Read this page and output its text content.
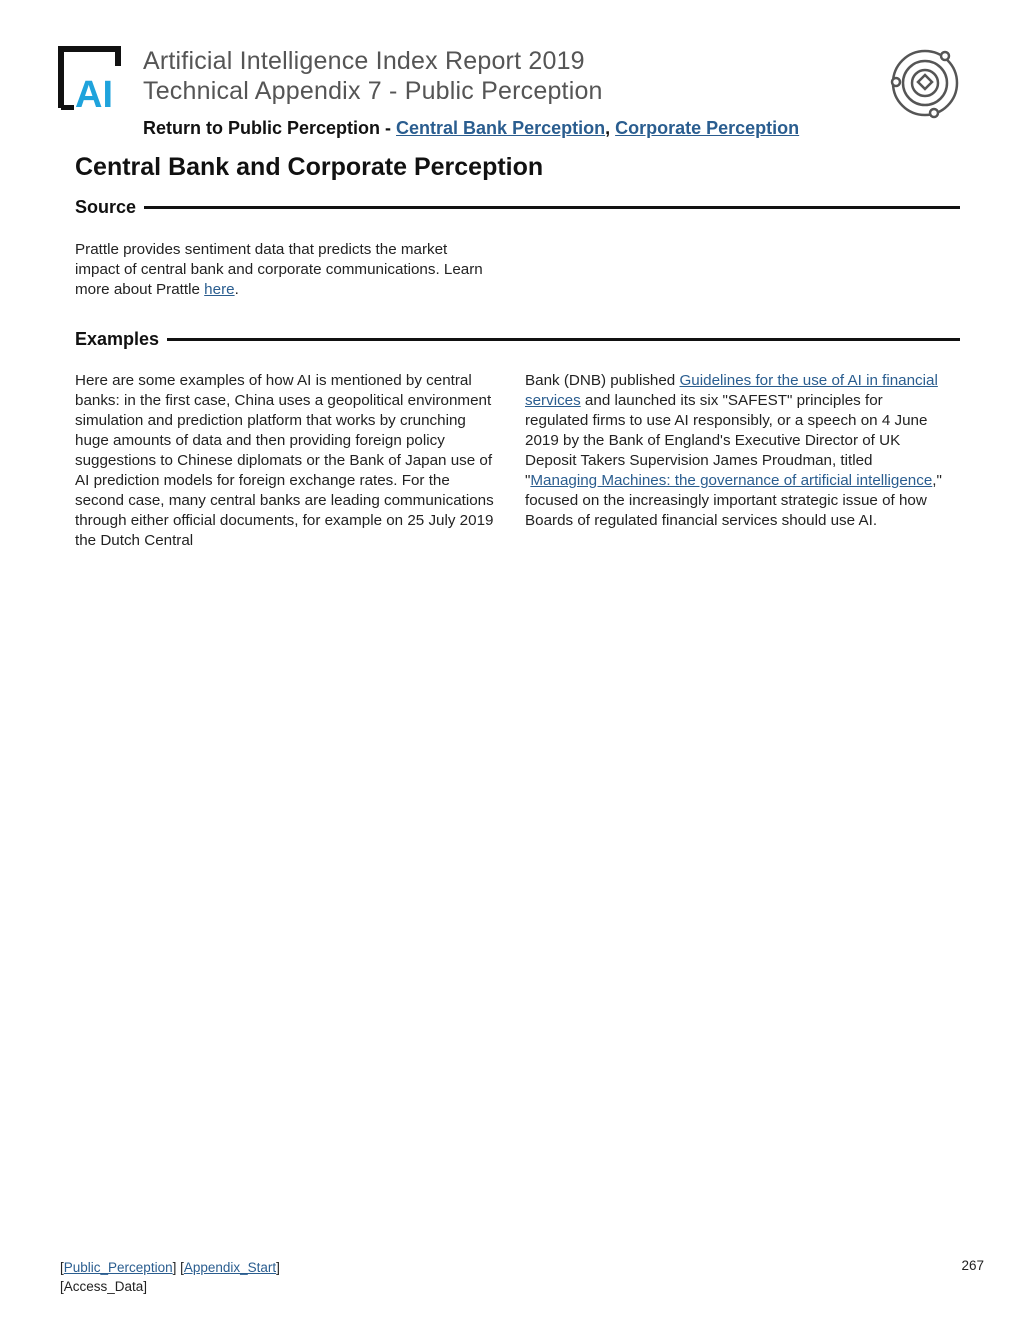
AI
Artificial Intelligence Index Report 2019
Technical Appendix 7 - Public Perception
Return to Public Perception - Central Bank Perception, Corporate Perception
Central Bank and Corporate Perception
Source

Prattle provides sentiment data that predicts the market impact of central bank and corporate communications. Learn more about Prattle here.

Examples

Here are some examples of how AI is mentioned by central banks: in the first case, China uses a geopolitical environment simulation and prediction platform that works by crunching huge amounts of data and then providing foreign policy suggestions to Chinese diplomats or the Bank of Japan use of AI prediction models for foreign exchange rates. For the second case, many central banks are leading communications through either official documents, for example on 25 July 2019 the Dutch Central

Bank (DNB) published Guidelines for the use of AI in financial services and launched its six "SAFEST" principles for regulated firms to use AI responsibly, or a speech on 4 June 2019 by the Bank of England's Executive Director of UK Deposit Takers Supervision James Proudman, titled "Managing Machines: the governance of artificial intelligence," focused on the increasingly important strategic issue of how Boards of regulated financial services should use AI.

[Public_Perception] [Appendix_Start]
[Access_Data]
267
